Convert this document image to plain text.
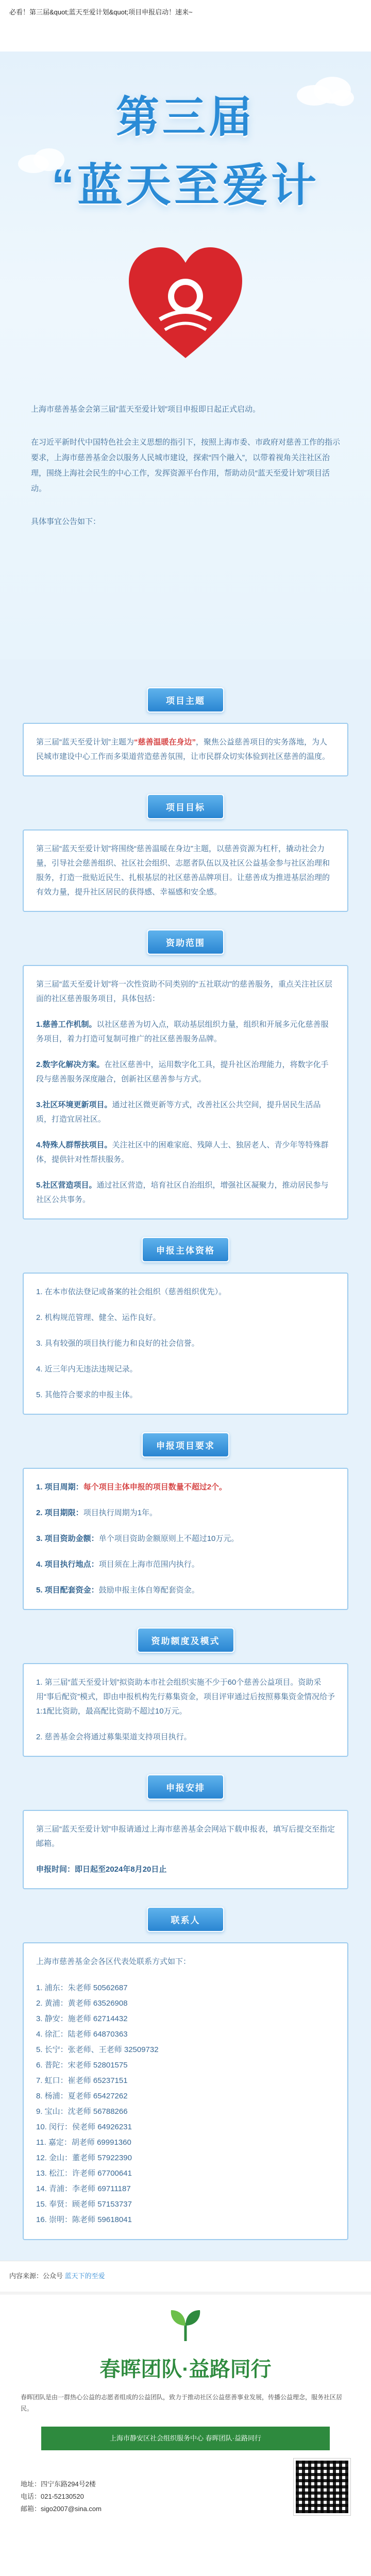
必看！第三届&quot;蓝天至爱计划&quot;项目申报启动！速来~
第三届
“蓝天至爱计

上海市慈善基金会第三届“蓝天至爱计划”项目申报即日起正式启动。

在习近平新时代中国特色社会主义思想的指引下，按照上海市委、市政府对慈善工作的指示要求，上海市慈善基金会以服务人民城市建设，探索“四个融入”，以带着视角关注社区治理，围绕上海社会民生的中心工作，发挥资源平台作用，帮助动员“蓝天至爱计划”项目活动。

具体事宜公告如下：

项目主题

第三届“蓝天至爱计划”主题为“慈善温暖在身边”，聚焦公益慈善项目的实务落地，为人民城市建设中心工作而多渠道营造慈善氛围，让市民群众切实体验到社区慈善的温度。

项目目标

第三届“蓝天至爱计划”将围绕“慈善温暖在身边”主题，以慈善资源为杠杆，撬动社会力量，引导社会慈善组织、社区社会组织、志愿者队伍以及社区公益基金参与社区治理和服务，打造一批贴近民生、扎根基层的社区慈善品牌项目。让慈善成为推进基层治理的有效力量，提升社区居民的获得感、幸福感和安全感。

资助范围

第三届“蓝天至爱计划”将一次性资助不同类别的“五社联动”的慈善服务，重点关注社区层面的社区慈善服务项目，具体包括：

1.慈善工作机制。以社区慈善为切入点，联动基层组织力量，组织和开展多元化慈善服务项目，着力打造可复制可推广的社区慈善服务品牌。

2.数字化解决方案。在社区慈善中，运用数字化工具，提升社区治理能力，将数字化手段与慈善服务深度融合，创新社区慈善参与方式。

3.社区环境更新项目。通过社区微更新等方式，改善社区公共空间，提升居民生活品质，打造宜居社区。

4.特殊人群帮扶项目。关注社区中的困难家庭、残障人士、独居老人、青少年等特殊群体，提供针对性帮扶服务。

5.社区营造项目。通过社区营造，培育社区自治组织，增强社区凝聚力，推动居民参与社区公共事务。

申报主体资格

1. 在本市依法登记或备案的社会组织（慈善组织优先）。

2. 机构规范管理、健全、运作良好。

3. 具有较强的项目执行能力和良好的社会信誉。

4. 近三年内无违法违规记录。

5. 其他符合要求的申报主体。

申报项目要求

1. 项目周期：每个项目主体申报的项目数量不超过2个。

2. 项目期限：项目执行周期为1年。

3. 项目资助金额：单个项目资助金额原则上不超过10万元。

4. 项目执行地点：项目须在上海市范围内执行。

5. 项目配套资金：鼓励申报主体自筹配套资金。

资助额度及模式

1. 第三届“蓝天至爱计划”拟资助本市社会组织实施不少于60个慈善公益项目。资助采用“事后配资”模式，即由申报机构先行募集资金，项目评审通过后按照募集资金情况给予1:1配比资助，最高配比资助不超过10万元。

2. 慈善基金会将通过募集渠道支持项目执行。

申报安排

第三届“蓝天至爱计划”申报请通过上海市慈善基金会网站下载申报表，填写后提交至指定邮箱。

申报时间：即日起至2024年8月20日止

联系人

上海市慈善基金会各区代表处联系方式如下：

1. 浦东：朱老师 50562687
2. 黄浦：黄老师 63526908
3. 静安：施老师 62714432
4. 徐汇：陆老师 64870363
5. 长宁：张老师、王老师 32509732
6. 普陀：宋老师 52801575
7. 虹口：崔老师 65237151
8. 杨浦：夏老师 65427262
9. 宝山：沈老师 56788266
10. 闵行：侯老师 64926231
11. 嘉定：胡老师 69991360
12. 金山：董老师 57922390
13. 松江：许老师 67700641
14. 青浦：李老师 69711187
15. 奉贤：顾老师 57153737
16. 崇明：陈老师 59618041
内容来源：公众号 蓝天下的至爱
春晖团队·益路同行
春晖团队是由一群热心公益的志愿者组成的公益团队，致力于推动社区公益慈善事业发展，传播公益理念，服务社区居民。
上海市静安区社会组织服务中心 春晖团队·益路同行
地址：四宁东路294号2楼
电话：021-52130520
邮箱：sigo2007@sina.com
